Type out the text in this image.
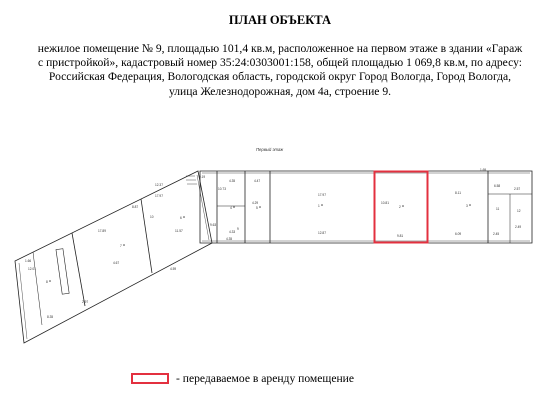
ПЛАН ОБЪЕКТА
нежилое помещение № 9, площадью 101,4 кв.м, расположенное на первом этаже в здании «Гараж
с пристройкой», кадастровый номер 35:24:0303001:158, общей площадью 1 069,8 кв.м, по адресу:
Российская Федерация, Вологодская область, городской округ Город Вологда, Город Вологда,
улица Железнодорожная, дом 4а, строение 9.
Первый этаж
1
17.97
12.87
2
10.81
9.81
3
8.11
6.09
4
4.35
4.33
5
4.47
4.29
6
17.97
11.57
7
17.89
4.67
8
12.01
8.35
9
10.73
9.63
10
12.37
8.87	11
6.58
2.45
12
2.57
2.49
0.19
4.35
4.59
2.97
1.66
1.69
- передаваемое в аренду помещение
